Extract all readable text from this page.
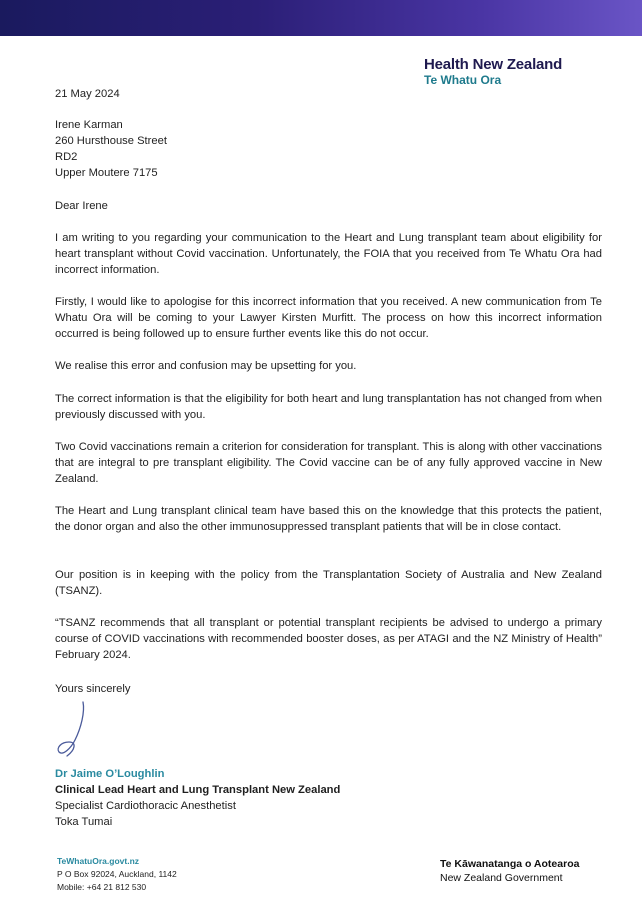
Health New Zealand
Te Whatu Ora
21 May 2024
Irene Karman
260 Hursthouse Street
RD2
Upper Moutere 7175
Dear Irene

I am writing to you regarding your communication to the Heart and Lung transplant team about eligibility for heart transplant without Covid vaccination. Unfortunately, the FOIA that you received from Te Whatu Ora had incorrect information.

Firstly, I would like to apologise for this incorrect information that you received. A new communication from Te Whatu Ora will be coming to your Lawyer Kirsten Murfitt. The process on how this incorrect information occurred is being followed up to ensure further events like this do not occur.

We realise this error and confusion may be upsetting for you.

The correct information is that the eligibility for both heart and lung transplantation has not changed from when previously discussed with you.

Two Covid vaccinations remain a criterion for consideration for transplant. This is along with other vaccinations that are integral to pre transplant eligibility. The Covid vaccine can be of any fully approved vaccine in New Zealand.

The Heart and Lung transplant clinical team have based this on the knowledge that this protects the patient, the donor organ and also the other immunosuppressed transplant patients that will be in close contact.

Our position is in keeping with the policy from the Transplantation Society of Australia and New Zealand (TSANZ).

“TSANZ recommends that all transplant or potential transplant recipients be advised to undergo a primary course of COVID vaccinations with recommended booster doses, as per ATAGI and the NZ Ministry of Health” February 2024.

Yours sincerely
Dr Jaime O’Loughlin
Clinical Lead Heart and Lung Transplant New Zealand
Specialist Cardiothoracic Anesthetist
Toka Tumai
TeWhatuOra.govt.nz
P O Box 92024, Auckland, 1142
Mobile: +64 21 812 530
Te Kāwanatanga o Aotearoa
New Zealand Government
